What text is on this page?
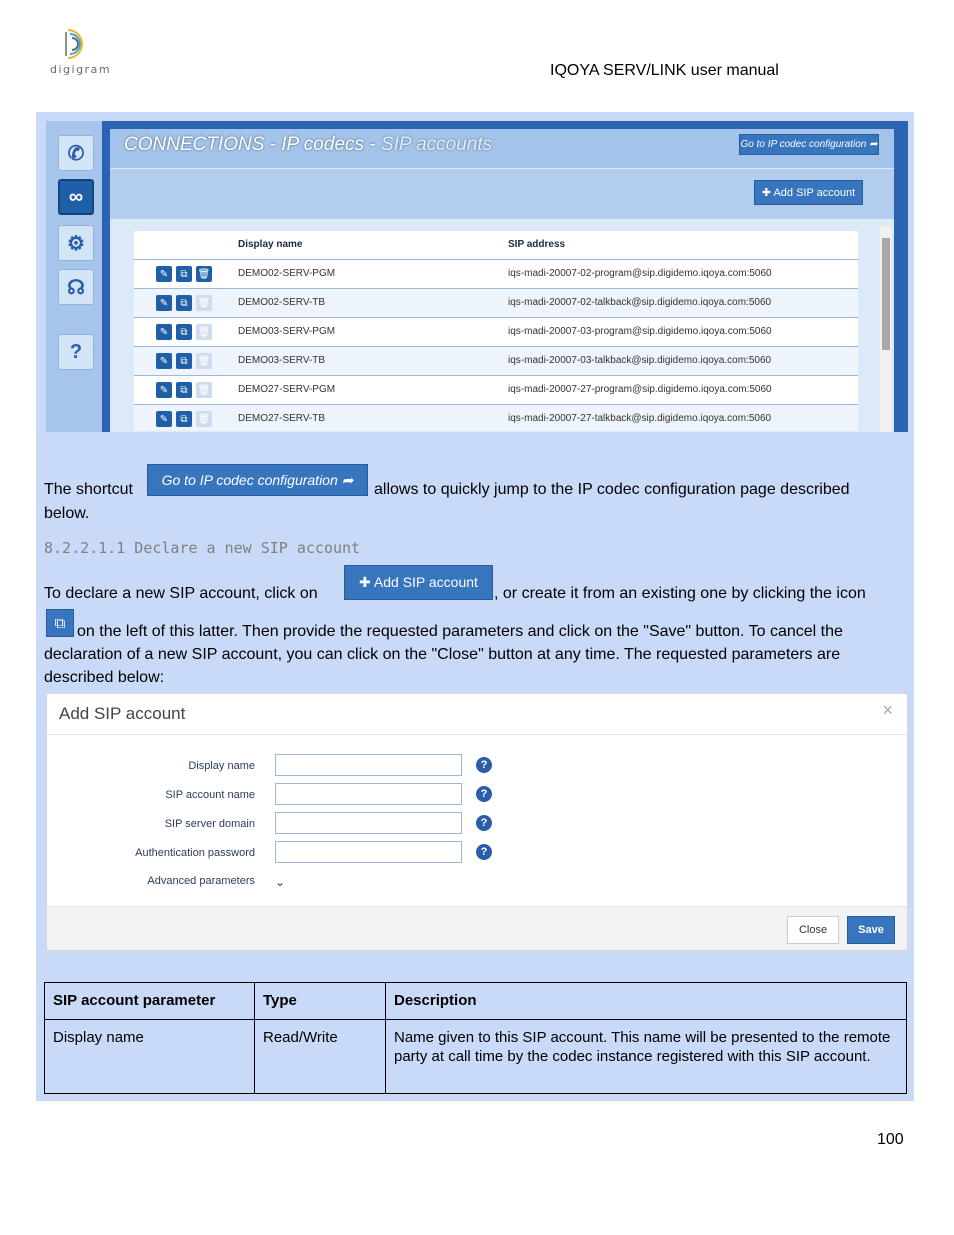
digigram	IQOYA SERV/LINK user manual
✆
∞
⚙
☊
?
CONNECTIONS - IP codecs - SIP accounts	Go to IP codec configuration ➦
✚ Add SIP account
Display name	SIP address
✎	⧉	🗑	DEMO02-SERV-PGM	iqs-madi-20007-02-program@sip.digidemo.iqoya.com:5060
✎	⧉	🗑	DEMO02-SERV-TB	iqs-madi-20007-02-talkback@sip.digidemo.iqoya.com:5060
✎	⧉	🗑	DEMO03-SERV-PGM	iqs-madi-20007-03-program@sip.digidemo.iqoya.com:5060
✎	⧉	🗑	DEMO03-SERV-TB	iqs-madi-20007-03-talkback@sip.digidemo.iqoya.com:5060
✎	⧉	🗑	DEMO27-SERV-PGM	iqs-madi-20007-27-program@sip.digidemo.iqoya.com:5060
✎	⧉	🗑	DEMO27-SERV-TB	iqs-madi-20007-27-talkback@sip.digidemo.iqoya.com:5060
The shortcut
Go to IP codec configuration ➦
allows to quickly jump to the IP codec configuration page described
below.
8.2.2.1.1 Declare a new SIP account
To declare a new SIP account, click on
✚ Add SIP account
, or create it from an existing one by clicking the icon
⧉ on the left of this latter. Then provide the requested parameters and click on the "Save" button. To cancel the
declaration of a new SIP account, you can click on the "Close" button at any time. The requested parameters are
described below:
Add SIP account	×
Display name	?
SIP account name	?
SIP server domain	?
Authentication password	?
Advanced parameters ⌄
Close	Save
SIP account parameter	Type	Description
Display name	Read/Write	Name given to this SIP account. This name will be presented to the remote party at call time by the codec instance registered with this SIP account.
100
